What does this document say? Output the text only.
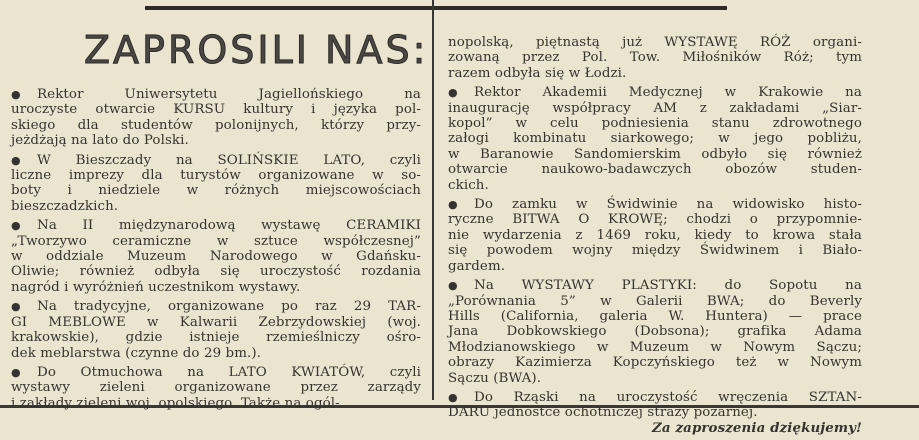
ZAPROSILI NAS:
● Rektor Uniwersytetu Jagiellońskiego na
uroczyste otwarcie KURSU kultury i języka pol-
skiego dla studentów polonijnych, którzy przy-
jeżdżają na lato do Polski.
● W Bieszczady na SOLIŃSKIE LATO, czyli
liczne imprezy dla turystów organizowane w so-
boty i niedziele w różnych miejscowościach
bieszczadzkich.
● Na II międzynarodową wystawę CERAMIKI
„Tworzywo ceramiczne w sztuce współczesnej”
w oddziale Muzeum Narodowego w Gdańsku-
Oliwie; również odbyła się uroczystość rozdania
nagród i wyróżnień uczestnikom wystawy.
● Na tradycyjne, organizowane po raz 29 TAR-
GI MEBLOWE w Kalwarii Zebrzydowskiej (woj.
krakowskie), gdzie istnieje rzemieślniczy ośro-
dek meblarstwa (czynne do 29 bm.).
● Do Otmuchowa na LATO KWIATÓW, czyli
wystawy zieleni organizowane przez zarządy
i zakłady zieleni woj. opolskiego. Także na ogól-
nopolską, piętnastą już WYSTAWĘ RÓŻ organi-
zowaną przez Pol. Tow. Miłośników Róż; tym
razem odbyła się w Łodzi.
● Rektor Akademii Medycznej w Krakowie na
inaugurację współpracy AM z zakładami „Siar-
kopol” w celu podniesienia stanu zdrowotnego
załogi kombinatu siarkowego; w jego pobliżu,
w Baranowie Sandomierskim odbyło się również
otwarcie naukowo-badawczych obozów studen-
ckich.
● Do zamku w Świdwinie na widowisko histo-
ryczne BITWA O KROWĘ; chodzi o przypomnie-
nie wydarzenia z 1469 roku, kiedy to krowa stała
się powodem wojny między Świdwinem i Biało-
gardem.
● Na WYSTAWY PLASTYKI: do Sopotu na
„Porównania 5” w Galerii BWA; do Beverly
Hills (California, galeria W. Huntera) — prace
Jana Dobkowskiego (Dobsona); grafika Adama
Młodzianowskiego w Muzeum w Nowym Sączu;
obrazy Kazimierza Kopczyńskiego też w Nowym
Sączu (BWA).
● Do Rząski na uroczystość wręczenia SZTAN-
DARU jednostce ochotniczej straży pożarnej.
Za zaproszenia dziękujemy!
